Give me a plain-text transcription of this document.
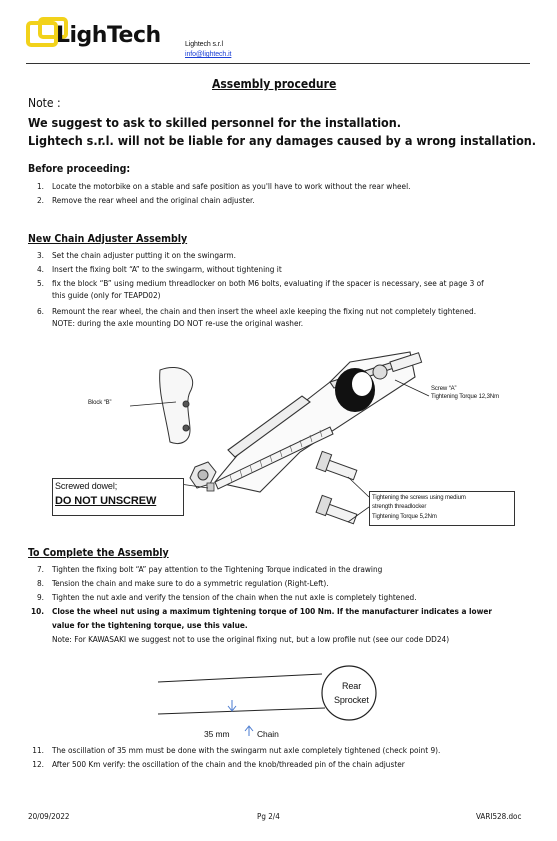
LighTech	Lightech s.r.l
info@lightech.it
Assembly procedure
Note :
We suggest to ask to skilled personnel for the installation.
Lightech s.r.l. will not be liable for any damages caused by a wrong installation.
Before proceeding:
1. Locate the motorbike on a stable and safe position as you'll have to work without the rear wheel.
2. Remove the rear wheel and the original chain adjuster.
New Chain Adjuster Assembly
3. Set the chain adjuster putting it on the swingarm.
4. Insert the fixing bolt “A” to the swingarm, without tightening it
5. fix the block “B” using medium threadlocker on both M6 bolts, evaluating if the spacer is necessary, see at page 3 of
this guide (only for TEAPD02)
6. Remount the rear wheel, the chain and then insert the wheel axle keeping the fixing nut not completely tightened.
NOTE: during the axle mounting DO NOT re-use the original washer.
Block “B”
Screw “A”
Tightening Torque 12,3Nm
Screwed dowel;
DO NOT UNSCREW	Tightening the screws using medium
strength threadlocker
Tightening Torque 5,2Nm
To Complete the Assembly
7. Tighten the fixing bolt “A” pay attention to the Tightening Torque indicated in the drawing
8. Tension the chain and make sure to do a symmetric regulation (Right-Left).
9. Tighten the nut axle and verify the tension of the chain when the nut axle is completely tightened.
10. Close the wheel nut using a maximum tightening torque of 100 Nm. If the manufacturer indicates a lower
value for the tightening torque, use this value.
Note: For KAWASAKI we suggest not to use the original fixing nut, but a low profile nut (see our code DD24)
Rear
Sprocket
35 mm	Chain
11. The oscillation of 35 mm must be done with the swingarm nut axle completely tightened (check point 9).
12. After 500 Km verify: the oscillation of the chain and the knob/threaded pin of the chain adjuster
20/09/2022	Pg 2/4	VARI528.doc
